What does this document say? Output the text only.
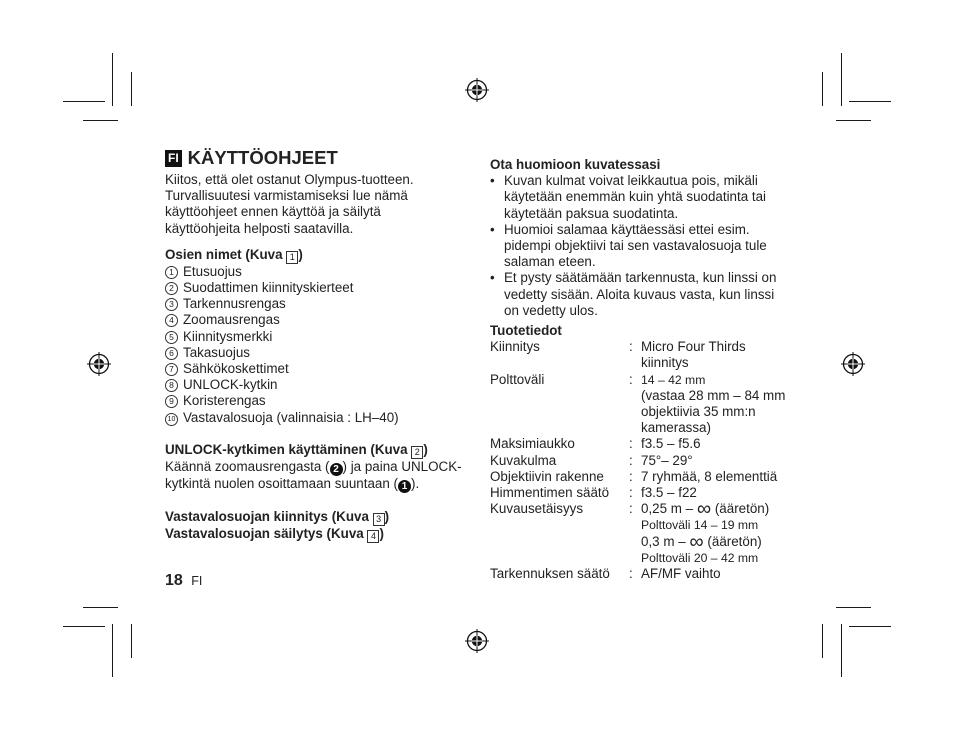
FI KÄYTTÖOHJEET
Kiitos, että olet ostanut Olympus-tuotteen.
Turvallisuutesi varmistamiseksi lue nämä
käyttöohjeet ennen käyttöä ja säilytä
käyttöohjeita helposti saatavilla.
Osien nimet (Kuva 1 )
1 Etusuojus
2 Suodattimen kiinnityskierteet
3 Tarkennusrengas
4 Zoomausrengas
5 Kiinnitysmerkki
6 Takasuojus
7 Sähkökoskettimet
8 UNLOCK-kytkin
9 Koristerengas
10 Vastavalosuoja (valinnaisia : LH–40)
UNLOCK-kytkimen käyttäminen (Kuva 2 )
Käännä zoomausrengasta ( 2 ) ja paina UNLOCK-
kytkintä nuolen osoittamaan suuntaan ( 1 ).
Vastavalosuojan kiinnitys (Kuva 3 )
Vastavalosuojan säilytys (Kuva 4 )
18 FI
Ota huomioon kuvatessasi
• Kuvan kulmat voivat leikkautua pois, mikäli
käytetään enemmän kuin yhtä suodatinta tai
käytetään paksua suodatinta.
• Huomioi salamaa käyttäessäsi ettei esim.
pidempi objektiivi tai sen vastavalosuoja tule
salaman eteen.
• Et pysty säätämään tarkennusta, kun linssi on
vedetty sisään. Aloita kuvaus vasta, kun linssi
on vedetty ulos.
Tuotetiedot
Kiinnitys	: Micro Four Thirds
kiinnitys
Polttoväli	: 14 – 42 mm
(vastaa 28 mm – 84 mm
objektiivia 35 mm:n
kamerassa)
Maksimiaukko	: f3.5 – f5.6
Kuvakulma	: 75°– 29°
Objektiivin rakenne	: 7 ryhmää, 8 elementtiä
Himmentimen säätö	: f3.5 – f22
Kuvausetäisyys	: 0,25 m – ∞ (ääretön)
Polttoväli 14 – 19 mm
0,3 m – ∞ (ääretön)
Polttoväli 20 – 42 mm
Tarkennuksen säätö	: AF/MF vaihto
